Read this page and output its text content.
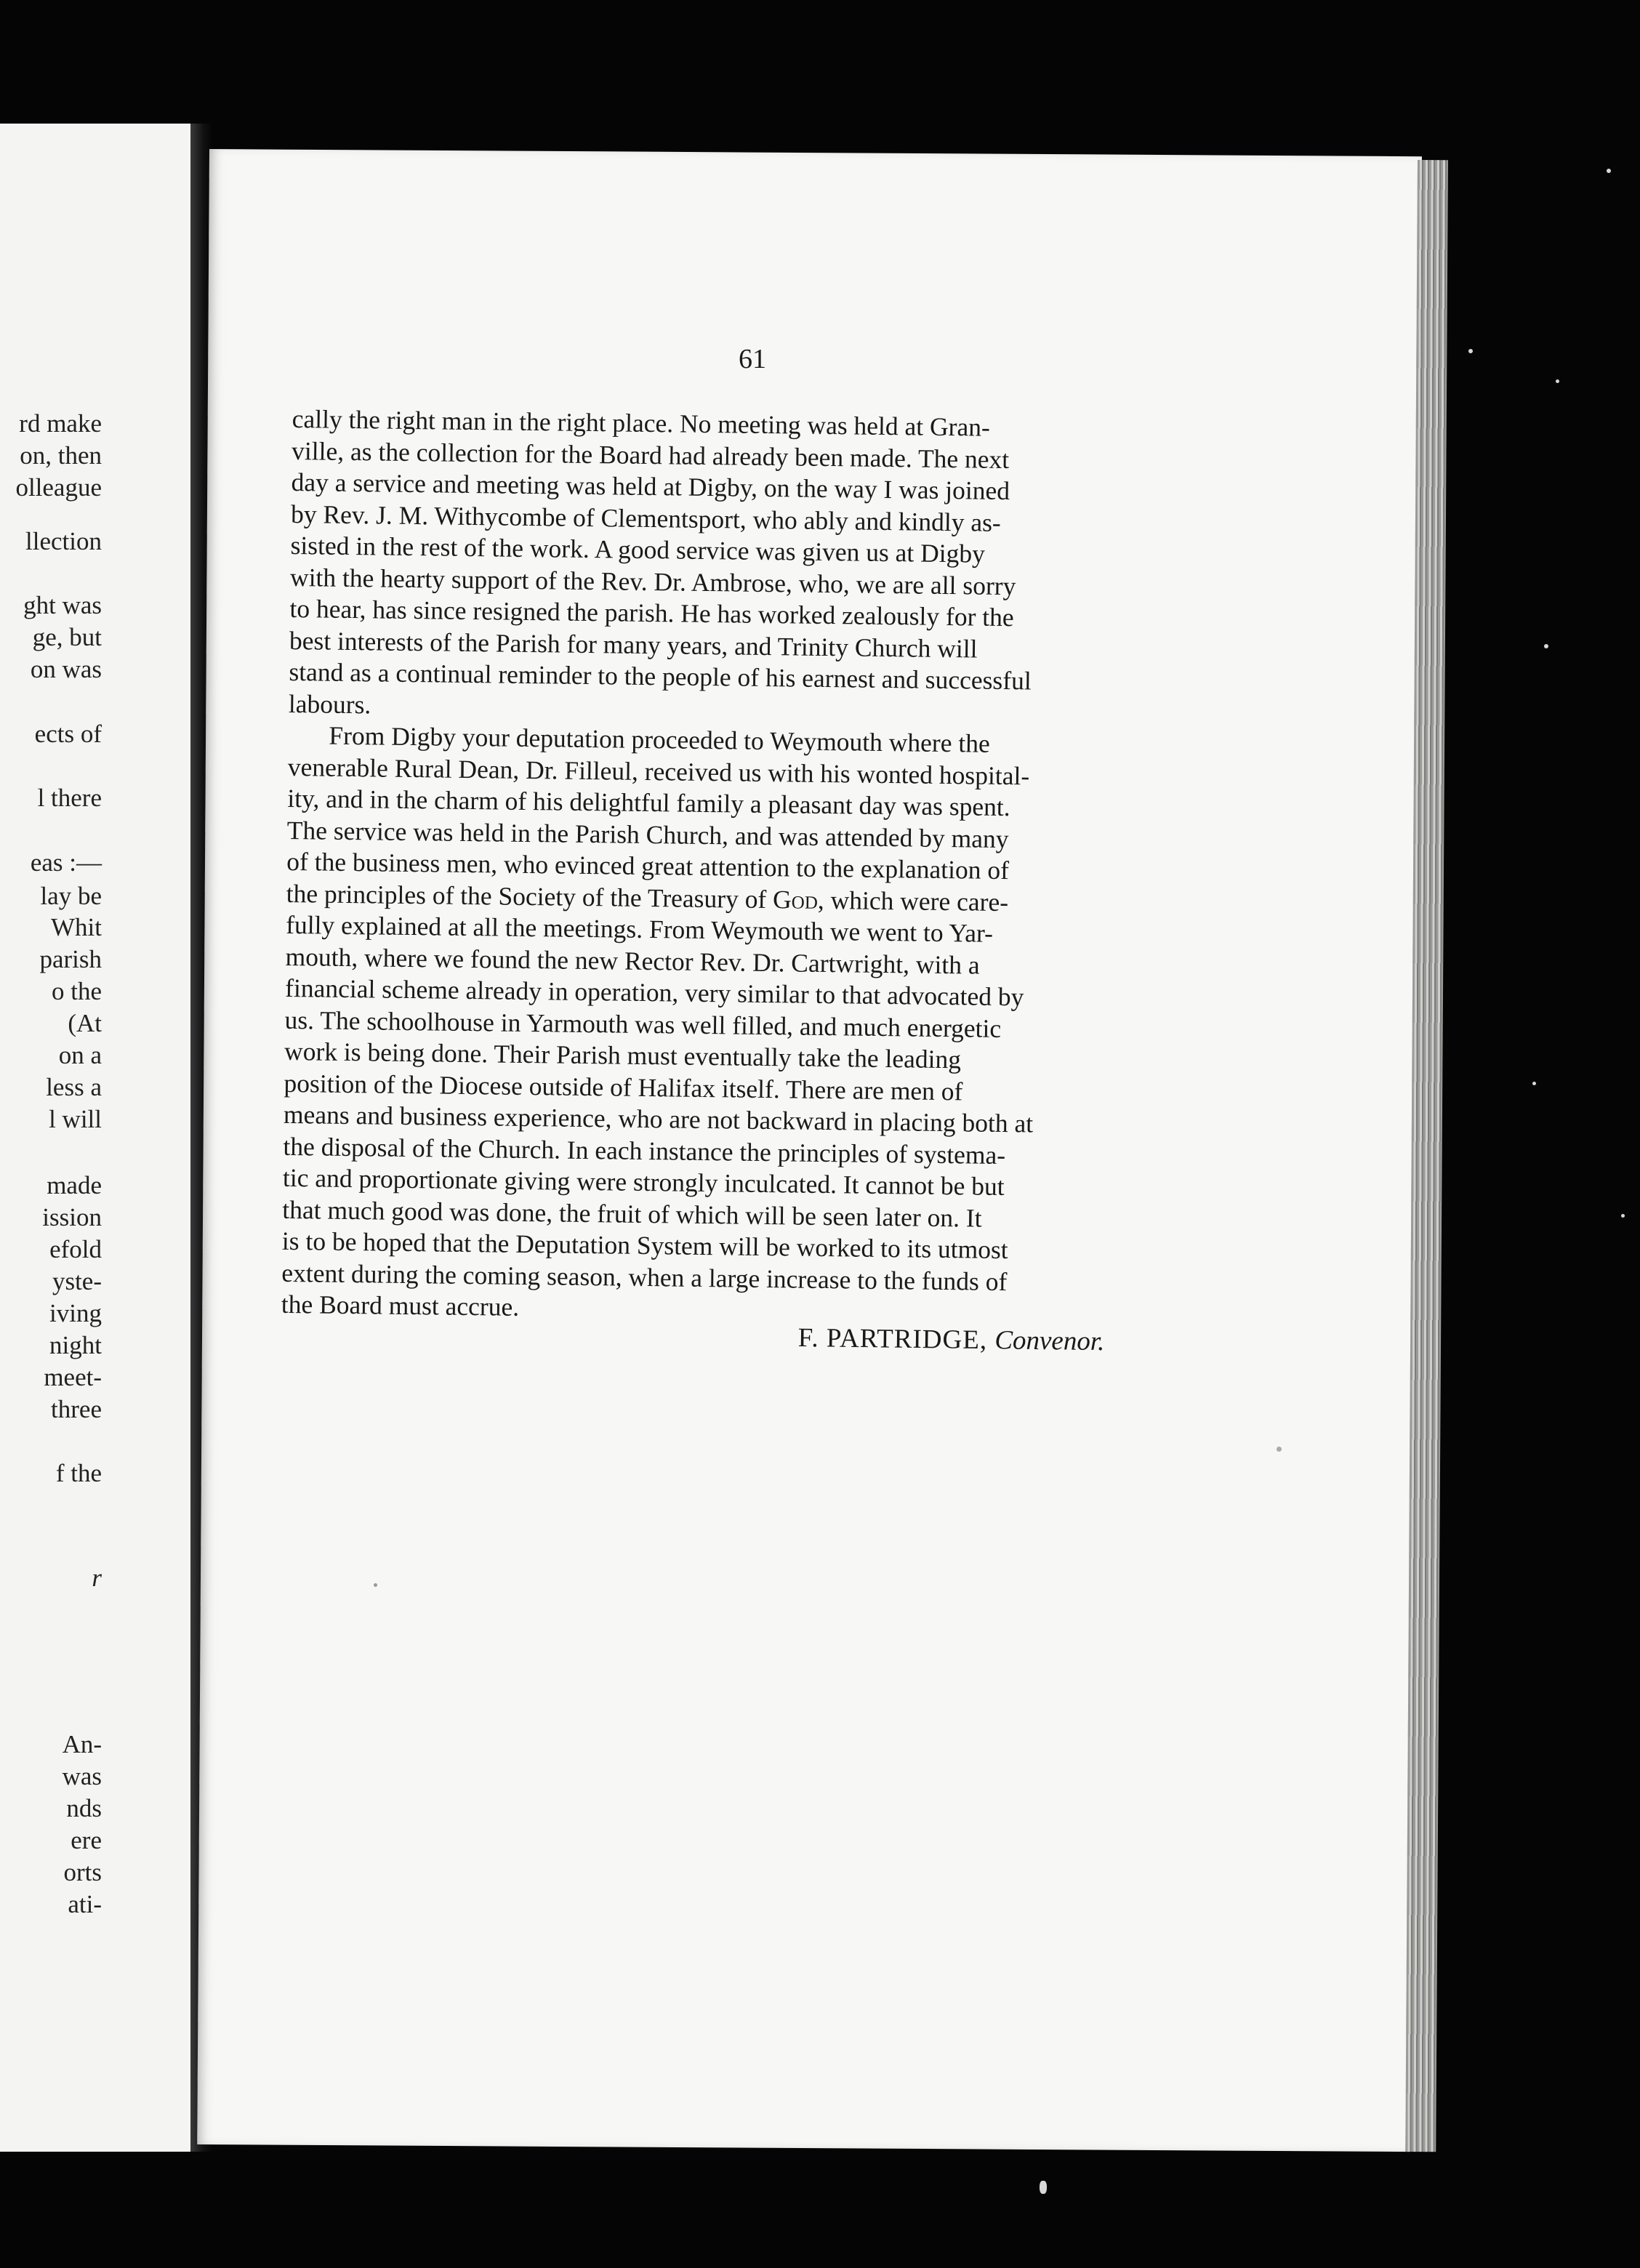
rd make
on, then
olleague
llection
ght was
ge, but
on was
ects of
l there
eas :—
lay be
Whit
parish
o the
(At
on a
less a
l will
made
ission
efold
yste-
iving
night
meet-
three
f the
r
An-
was
nds
ere
orts
ati-
61
cally the right man in the right place. No meeting was held at Gran-
ville, as the collection for the Board had already been made. The next
day a service and meeting was held at Digby, on the way I was joined
by Rev. J. M. Withycombe of Clementsport, who ably and kindly as-
sisted in the rest of the work. A good service was given us at Digby
with the hearty support of the Rev. Dr. Ambrose, who, we are all sorry
to hear, has since resigned the parish. He has worked zealously for the
best interests of the Parish for many years, and Trinity Church will
stand as a continual reminder to the people of his earnest and successful
labours.
From Digby your deputation proceeded to Weymouth where the
venerable Rural Dean, Dr. Filleul, received us with his wonted hospital-
ity, and in the charm of his delightful family a pleasant day was spent.
The service was held in the Parish Church, and was attended by many
of the business men, who evinced great attention to the explanation of
the principles of the Society of the Treasury of God, which were care-
fully explained at all the meetings. From Weymouth we went to Yar-
mouth, where we found the new Rector Rev. Dr. Cartwright, with a
financial scheme already in operation, very similar to that advocated by
us. The schoolhouse in Yarmouth was well filled, and much energetic
work is being done. Their Parish must eventually take the leading
position of the Diocese outside of Halifax itself. There are men of
means and business experience, who are not backward in placing both at
the disposal of the Church. In each instance the principles of systema-
tic and proportionate giving were strongly inculcated. It cannot be but
that much good was done, the fruit of which will be seen later on. It
is to be hoped that the Deputation System will be worked to its utmost
extent during the coming season, when a large increase to the funds of
the Board must accrue.
F. PARTRIDGE, Convenor.
